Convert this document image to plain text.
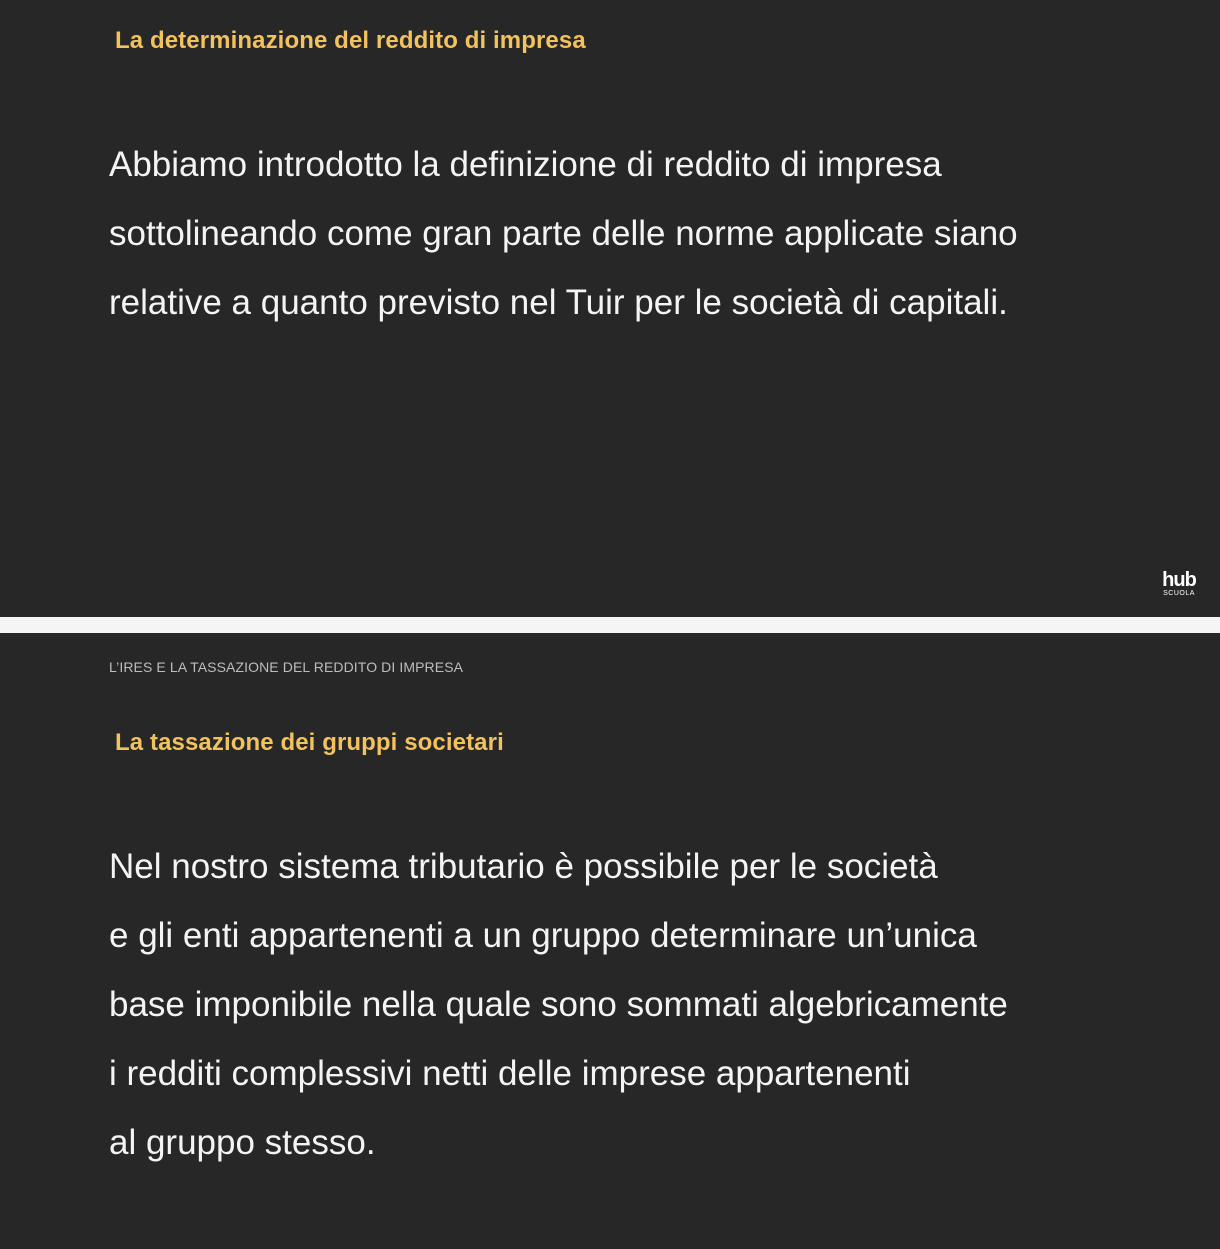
La determinazione del reddito di impresa
Abbiamo introdotto la definizione di reddito di impresa
sottolineando come gran parte delle norme applicate siano
relative a quanto previsto nel Tuir per le società di capitali.
hub
SCUOLA
L’IRES E LA TASSAZIONE DEL REDDITO DI IMPRESA
La tassazione dei gruppi societari
Nel nostro sistema tributario è possibile per le società
e gli enti appartenenti a un gruppo determinare un’unica
base imponibile nella quale sono sommati algebricamente
i redditi complessivi netti delle imprese appartenenti
al gruppo stesso.
